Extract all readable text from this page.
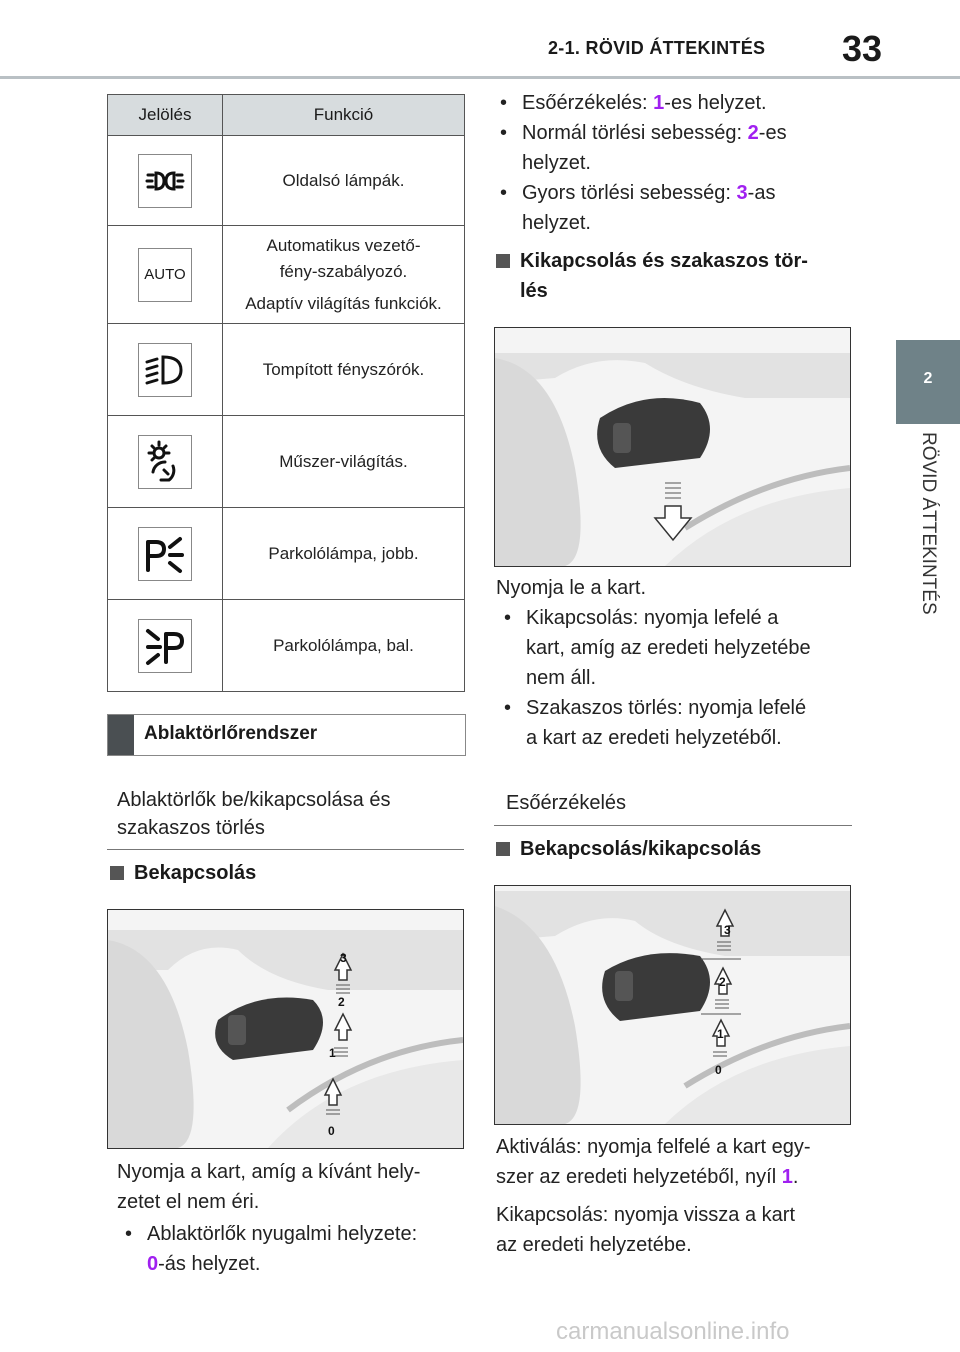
2-1. RÖVID ÁTTEKINTÉS 33
2
RÖVID ÁTTEKINTÉS
Jelölés	Funkció

	Oldalsó lámpák.
AUTO	Automatikus vezető-
fény-szabályozó.
Adaptív világítás funkciók.

	Tompított fényszórók.

	Műszer-világítás.

	Parkolólámpa, jobb.

	Parkolólámpa, bal.
Ablaktörlőrendszer
Ablaktörlők be/kikapcsolása és
szakaszos törlés
Bekapcsolás
3
2
1
0
Nyomja a kart, amíg a kívánt hely-
zetet el nem éri.
• Ablaktörlők nyugalmi helyzete:
0-ás helyzet.
• Esőérzékelés: 1-es helyzet.
• Normál törlési sebesség: 2-es
helyzet.
• Gyors törlési sebesség: 3-as
helyzet.
Kikapcsolás és szakaszos tör-
lés
Nyomja le a kart.
• Kikapcsolás: nyomja lefelé a
kart, amíg az eredeti helyzetébe
nem áll.
• Szakaszos törlés: nyomja lefelé
a kart az eredeti helyzetéből.
Esőérzékelés
Bekapcsolás/kikapcsolás
3
2
1
0
Aktiválás: nyomja felfelé a kart egy-
szer az eredeti helyzetéből, nyíl 1.
Kikapcsolás: nyomja vissza a kart
az eredeti helyzetébe.
carmanualsonline.info
